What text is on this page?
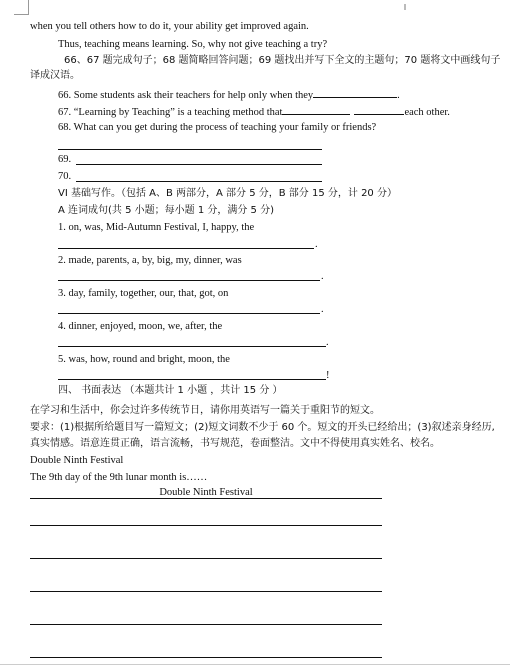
when you tell others how to do it, your ability get improved again.
Thus, teaching means learning. So, why not give teaching a try?
66、67 题完成句子；68 题简略回答问题；69 题找出并写下全文的主题句；70 题将文中画线句子
译成汉语。
66. Some students ask their teachers for help only when they	.
67. “Learning by Teaching” is a teaching method that	each other.
68. What can you get during the process of teaching your family or friends?
69.
70.
VI 基础写作。（包括 A、B 两部分，A 部分 5 分，B 部分 15 分，计 20 分）
A 连词成句(共 5 小题；每小题 1 分，满分 5 分)
1. on, was, Mid-Autumn Festival, I, happy, the
.
2. made, parents, a, by, big, my, dinner, was
.
3. day, family, together, our, that, got, on
.
4. dinner, enjoyed, moon, we, after, the
.
5. was, how, round and bright, moon, the
!
四、 书面表达 （本题共计 1 小题 ，共计 15 分 ）
在学习和生活中，你会过许多传统节日，请你用英语写一篇关于重阳节的短文。
要求：(1)根据所给题目写一篇短文；(2)短文词数不少于 60 个。短文的开头已经给出；(3)叙述亲身经历,
真实情感。语意连贯正确，语言流畅，书写规范，卷面整洁。文中不得使用真实姓名、校名。
Double Ninth Festival
The 9th day of the 9th lunar month is……
Double Ninth Festival
